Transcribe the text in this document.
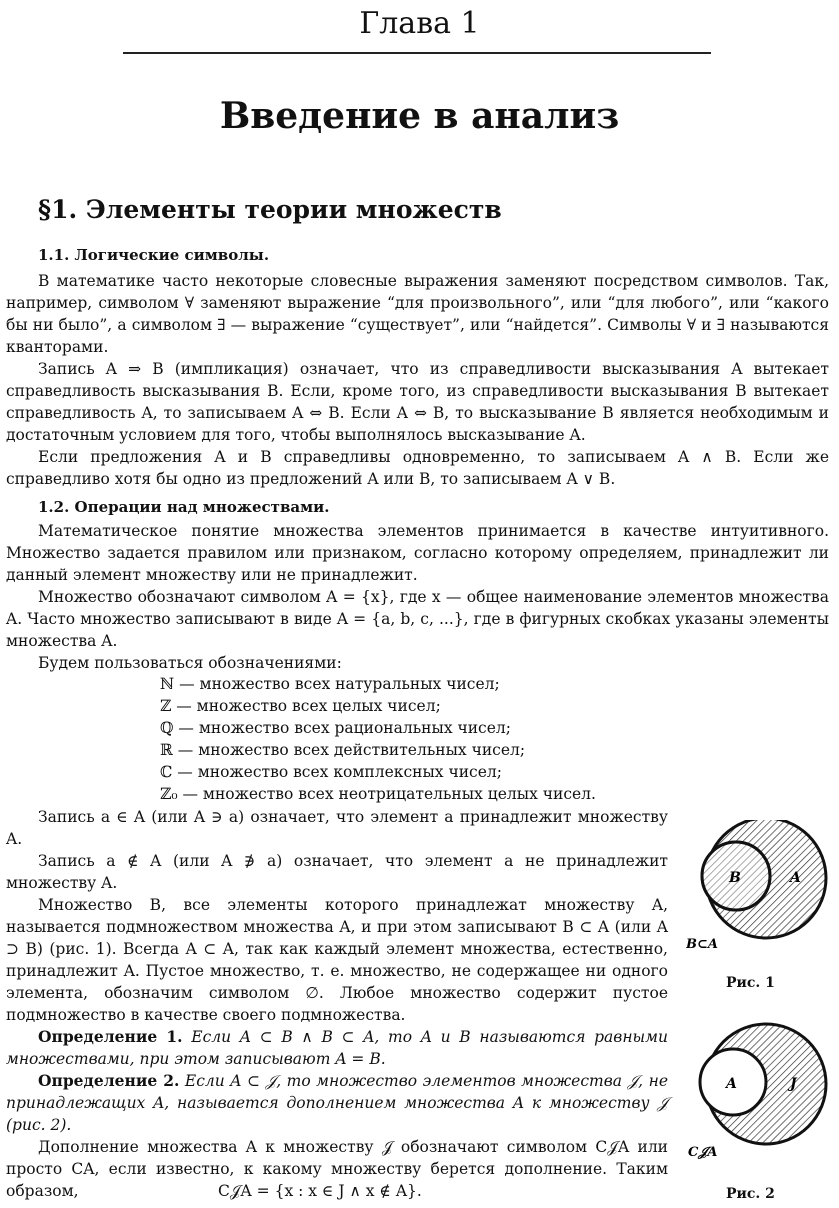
Глава 1
Введение в анализ
§1. Элементы теории множеств
1.1. Логические символы.

В математике часто некоторые словесные выражения заменяют посредством символов. Так, например, символом ∀ заменяют выражение “для произвольного”, или “для любого”, или “какого бы ни было”, а символом ∃ — выражение “существует”, или “найдется”. Символы ∀ и ∃ называются кванторами.

Запись A ⇒ B (импликация) означает, что из справедливости высказывания A вытекает справедливость высказывания B. Если, кроме того, из справедливости высказывания B вытекает справедливость A, то записываем A ⇔ B. Если A ⇔ B, то высказывание B является необходимым и достаточным условием для того, чтобы выполнялось высказывание A.

Если предложения A и B справедливы одновременно, то записываем A ∧ B. Если же справедливо хотя бы одно из предложений A или B, то записываем A ∨ B.

1.2. Операции над множествами.

Математическое понятие множества элементов принимается в качестве интуитивного. Множество задается правилом или признаком, согласно которому определяем, принадлежит ли данный элемент множеству или не принадлежит.

Множество обозначают символом A = {x}, где x — общее наименование элементов множества A. Часто множество записывают в виде A = {a, b, c, ...}, где в фигурных скобках указаны элементы множества A.

Будем пользоваться обозначениями:

ℕ — множество всех натуральных чисел;
ℤ — множество всех целых чисел;
ℚ — множество всех рациональных чисел;
ℝ — множество всех действительных чисел;
ℂ — множество всех комплексных чисел;
ℤ₀ — множество всех неотрицательных целых чисел.

Запись a ∈ A (или A ∋ a) означает, что элемент a принадлежит множеству A.

Запись a ∉ A (или A ∌ a) означает, что элемент a не принадлежит множеству A.

Множество B, все элементы которого принадлежат множеству A, называется подмножеством множества A, и при этом записывают B ⊂ A (или A ⊃ B) (рис. 1). Всегда A ⊂ A, так как каждый элемент множества, естественно, принадлежит A. Пустое множество, т. е. множество, не содержащее ни одного элемента, обозначим символом ∅. Любое множество содержит пустое подмножество в качестве своего подмножества.

Определение 1. Если A ⊂ B ∧ B ⊂ A, то A и B называются равными множествами, при этом записывают A = B.

Определение 2. Если A ⊂ 𝒥, то множество элементов множества 𝒥, не принадлежащих A, называется дополнением множества A к множеству 𝒥 (рис. 2).

Дополнение множества A к множеству 𝒥 обозначают символом C𝒥A или просто CA, если известно, к какому множеству берется дополнение. Таким образом,	C𝒥A = {x : x ∈ J ∧ x ∉ A}.
B	A
B⊂A
Рис. 1
A	J
C𝒥A
Рис. 2
